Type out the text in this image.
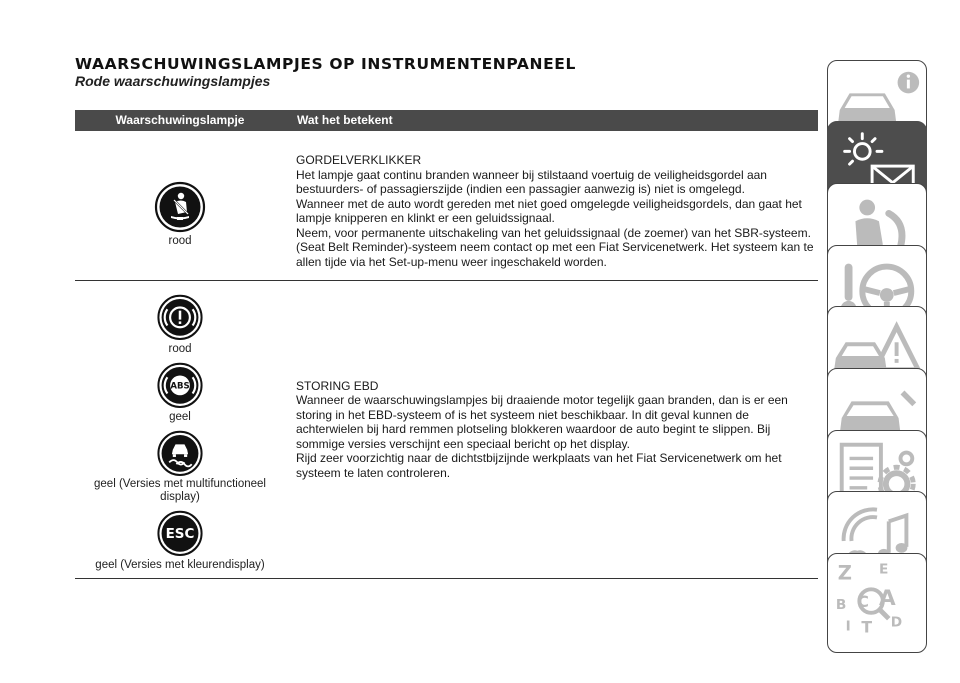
WAARSCHUWINGSLAMPJES OP INSTRUMENTENPANEEL
Rode waarschuwingslampjes
Waarschuwingslampje	Wat het betekent
rood
GORDELVERKLIKKER
Het lampje gaat continu branden wanneer bij stilstaand voertuig de veiligheidsgordel aan bestuurders- of passagierszijde (indien een passagier aanwezig is) niet is omgelegd.
Wanneer met de auto wordt gereden met niet goed omgelegde veiligheidsgordels, dan gaat het lampje knipperen en klinkt er een geluidssignaal.
Neem, voor permanente uitschakeling van het geluidssignaal (de zoemer) van het SBR-systeem. (Seat Belt Reminder)-systeem neem contact op met een Fiat Servicenetwerk. Het systeem kan te allen tijde via het Set-up-menu weer ingeschakeld worden.
rood
ABS
geel
geel (Versies met multifunctioneel display)
ESC
geel (Versies met kleurendisplay)
STORING EBD
Wanneer de waarschuwingslampjes bij draaiende motor tegelijk gaan branden, dan is er een storing in het EBD-systeem of is het systeem niet beschikbaar. In dit geval kunnen de achterwielen bij hard remmen plotseling blokkeren waardoor de auto begint te slippen. Bij sommige versies verschijnt een speciaal bericht op het display.
Rijd zeer voorzichtig naar de dichtstbijzijnde werkplaats van het Fiat Servicenetwerk om het systeem te laten controleren.
Z E
B A
C
D
I T
